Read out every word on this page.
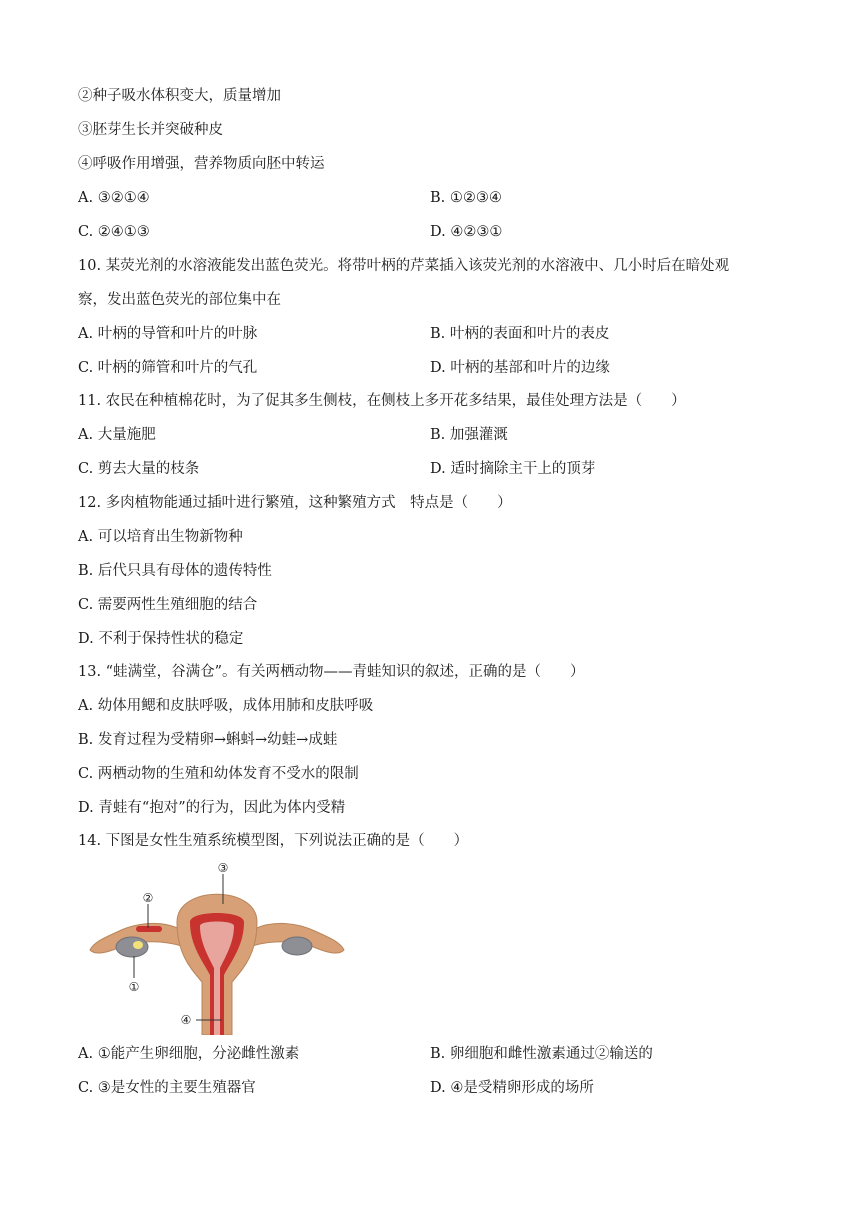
②种子吸水体积变大，质量增加
③胚芽生长并突破种皮
④呼吸作用增强，营养物质向胚中转运
A. ③②①④	B. ①②③④
C. ②④①③	D. ④②③①
10. 某荧光剂的水溶液能发出蓝色荧光。将带叶柄的芹菜插入该荧光剂的水溶液中、几小时后在暗处观
察，发出蓝色荧光的部位集中在
A. 叶柄的导管和叶片的叶脉	B. 叶柄的表面和叶片的表皮
C. 叶柄的筛管和叶片的气孔	D. 叶柄的基部和叶片的边缘
11. 农民在种植棉花时，为了促其多生侧枝，在侧枝上多开花多结果，最佳处理方法是（　　）
A. 大量施肥	B. 加强灌溉
C. 剪去大量的枝条	D. 适时摘除主干上的顶芽
12. 多肉植物能通过插叶进行繁殖，这种繁殖方式　特点是（　　）
A. 可以培育出生物新物种
B. 后代只具有母体的遗传特性
C. 需要两性生殖细胞的结合
D. 不利于保持性状的稳定
13. “蛙满堂，谷满仓”。有关两栖动物——青蛙知识的叙述，正确的是（　　）
A. 幼体用鳃和皮肤呼吸，成体用肺和皮肤呼吸
B. 发育过程为受精卵→蝌蚪→幼蛙→成蛙
C. 两栖动物的生殖和幼体发育不受水的限制
D. 青蛙有“抱对”的行为，因此为体内受精
14. 下图是女性生殖系统模型图，下列说法正确的是（　　）
③
②
①
④
A. ①能产生卵细胞，分泌雌性激素	B. 卵细胞和雌性激素通过②输送的
C. ③是女性的主要生殖器官	D. ④是受精卵形成的场所
